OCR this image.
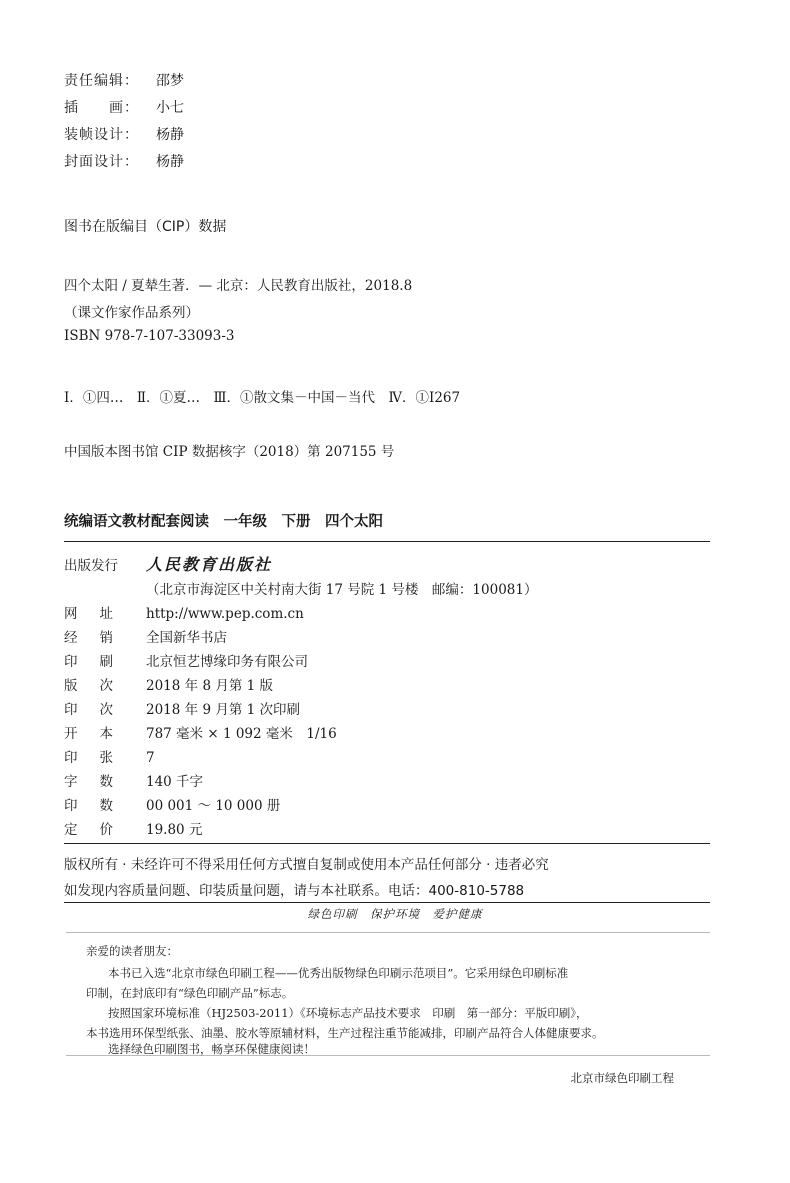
责任编辑： 邵梦
插　　画： 小七
装帧设计： 杨静
封面设计： 杨静
图书在版编目（CIP）数据
四个太阳 / 夏辇生著．— 北京：人民教育出版社，2018.8
（课文作家作品系列）
ISBN 978-7-107-33093-3
Ⅰ．①四…　Ⅱ．①夏…　Ⅲ．①散文集－中国－当代　Ⅳ．①Ⅰ267
中国版本图书馆 CIP 数据核字（2018）第 207155 号
统编语文教材配套阅读　一年级　下册　四个太阳
出版发行 人民教育出版社
（北京市海淀区中关村南大街 17 号院 1 号楼　邮编：100081）
网址 http://www.pep.com.cn
经销 全国新华书店
印刷 北京恒艺博缘印务有限公司
版次 2018 年 8 月第 1 版
印次 2018 年 9 月第 1 次印刷
开本 787 毫米 × 1 092 毫米　1/16
印张 7
字数 140 千字
印数 00 001 ～ 10 000 册
定价 19.80 元
版权所有 · 未经许可不得采用任何方式擅自复制或使用本产品任何部分 · 违者必究
如发现内容质量问题、印装质量问题，请与本社联系。电话：400-810-5788
绿色印刷　保护环境　爱护健康
亲爱的读者朋友：
本书已入选“北京市绿色印刷工程——优秀出版物绿色印刷示范项目”。它采用绿色印刷标准
印制，在封底印有“绿色印刷产品”标志。
按照国家环境标准（HJ2503-2011）《环境标志产品技术要求　印刷　第一部分：平版印刷》，
本书选用环保型纸张、油墨、胶水等原辅材料，生产过程注重节能减排，印刷产品符合人体健康要求。
选择绿色印刷图书，畅享环保健康阅读！
北京市绿色印刷工程
